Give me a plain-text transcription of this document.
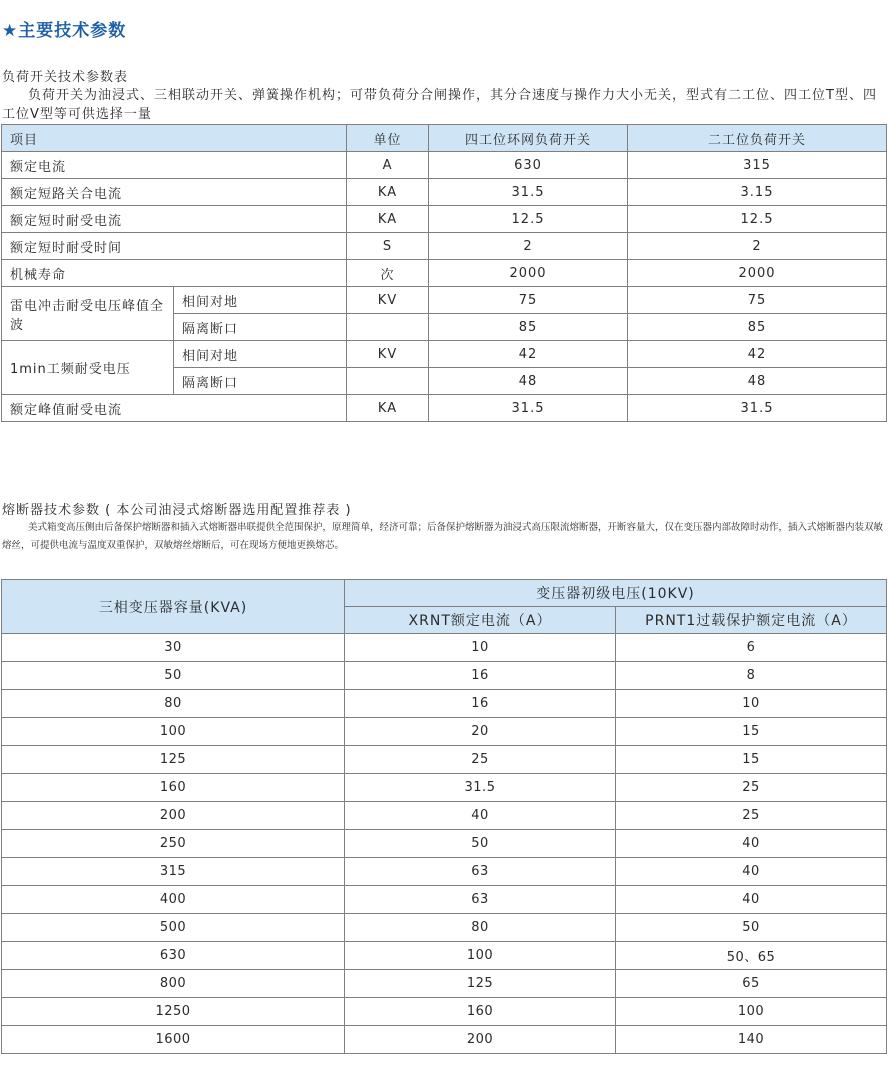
★主要技术参数
负荷开关技术参数表
负荷开关为油浸式、三相联动开关、弹簧操作机构；可带负荷分合闸操作，其分合速度与操作力大小无关，型式有二工位、四工位T型、四工位V型等可供选择一量
项目		单位	四工位环网负荷开关	二工位负荷开关
额定电流		A	630	315
额定短路关合电流		KA	31.5	3.15
额定短时耐受电流		KA	12.5	12.5
额定短时耐受时间		S	2	2
机械寿命		次	2000	2000
雷电冲击耐受电压峰值全波	相间对地	KV	75	75
	隔离断口		85	85
1min工频耐受电压	相间对地	KV	42	42
	隔离断口		48	48
额定峰值耐受电流		KA	31.5	31.5
熔断器技术参数 ( 本公司油浸式熔断器选用配置推荐表 )
美式箱变高压侧由后备保护熔断器和插入式熔断器串联提供全范围保护，原理简单，经济可靠；后备保护熔断器为油浸式高压限流熔断器，开断容量大，仅在变压器内部故障时动作，插入式熔断器内装双敏熔丝，可提供电流与温度双重保护，双敏熔丝熔断后，可在现场方便地更换熔芯。
三相变压器容量(KVA)	变压器初级电压(10KV)	
	XRNT额定电流（A）	PRNT1过载保护额定电流（A）
30	10	6
50	16	8
80	16	10
100	20	15
125	25	15
160	31.5	25
200	40	25
250	50	40
315	63	40
400	63	40
500	80	50
630	100	50、65
800	125	65
1250	160	100
1600	200	140
